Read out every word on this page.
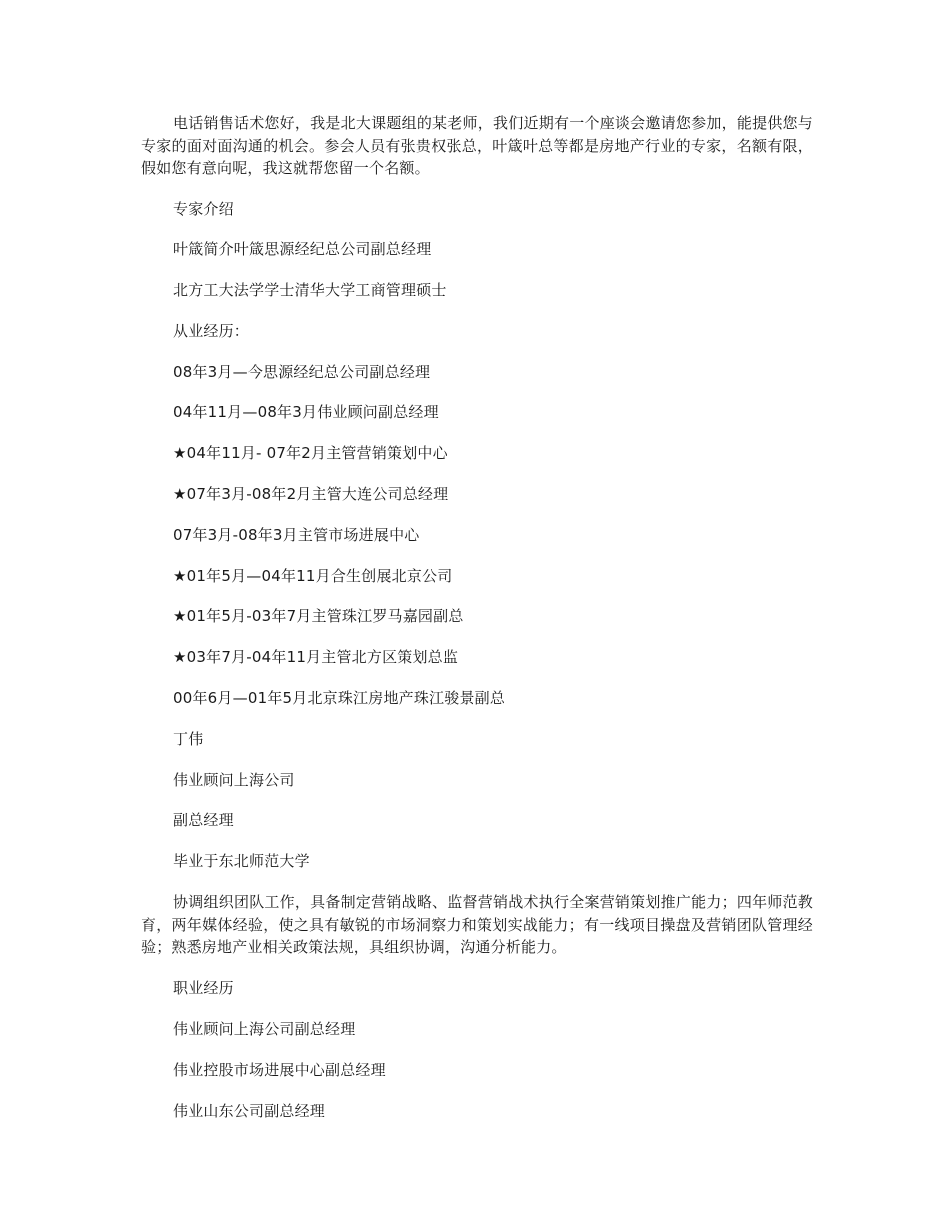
电话销售话术您好，我是北大课题组的某老师，我们近期有一个座谈会邀请您参加，能提供您与专家的面对面沟通的机会。参会人员有张贵权张总，叶箴叶总等都是房地产行业的专家，名额有限，假如您有意向呢，我这就帮您留一个名额。

专家介绍

叶箴简介叶箴思源经纪总公司副总经理

北方工大法学学士清华大学工商管理硕士

从业经历：

08年3月—今思源经纪总公司副总经理

04年11月—08年3月伟业顾问副总经理

★04年11月- 07年2月主管营销策划中心

★07年3月-08年2月主管大连公司总经理

07年3月-08年3月主管市场进展中心

★01年5月—04年11月合生创展北京公司

★01年5月-03年7月主管珠江罗马嘉园副总

★03年7月-04年11月主管北方区策划总监

00年6月—01年5月北京珠江房地产珠江骏景副总

丁伟

伟业顾问上海公司

副总经理

毕业于东北师范大学

协调组织团队工作，具备制定营销战略、监督营销战术执行全案营销策划推广能力；四年师范教育，两年媒体经验，使之具有敏锐的市场洞察力和策划实战能力；有一线项目操盘及营销团队管理经验；熟悉房地产业相关政策法规，具组织协调，沟通分析能力。

职业经历

伟业顾问上海公司副总经理

伟业控股市场进展中心副总经理

伟业山东公司副总经理
